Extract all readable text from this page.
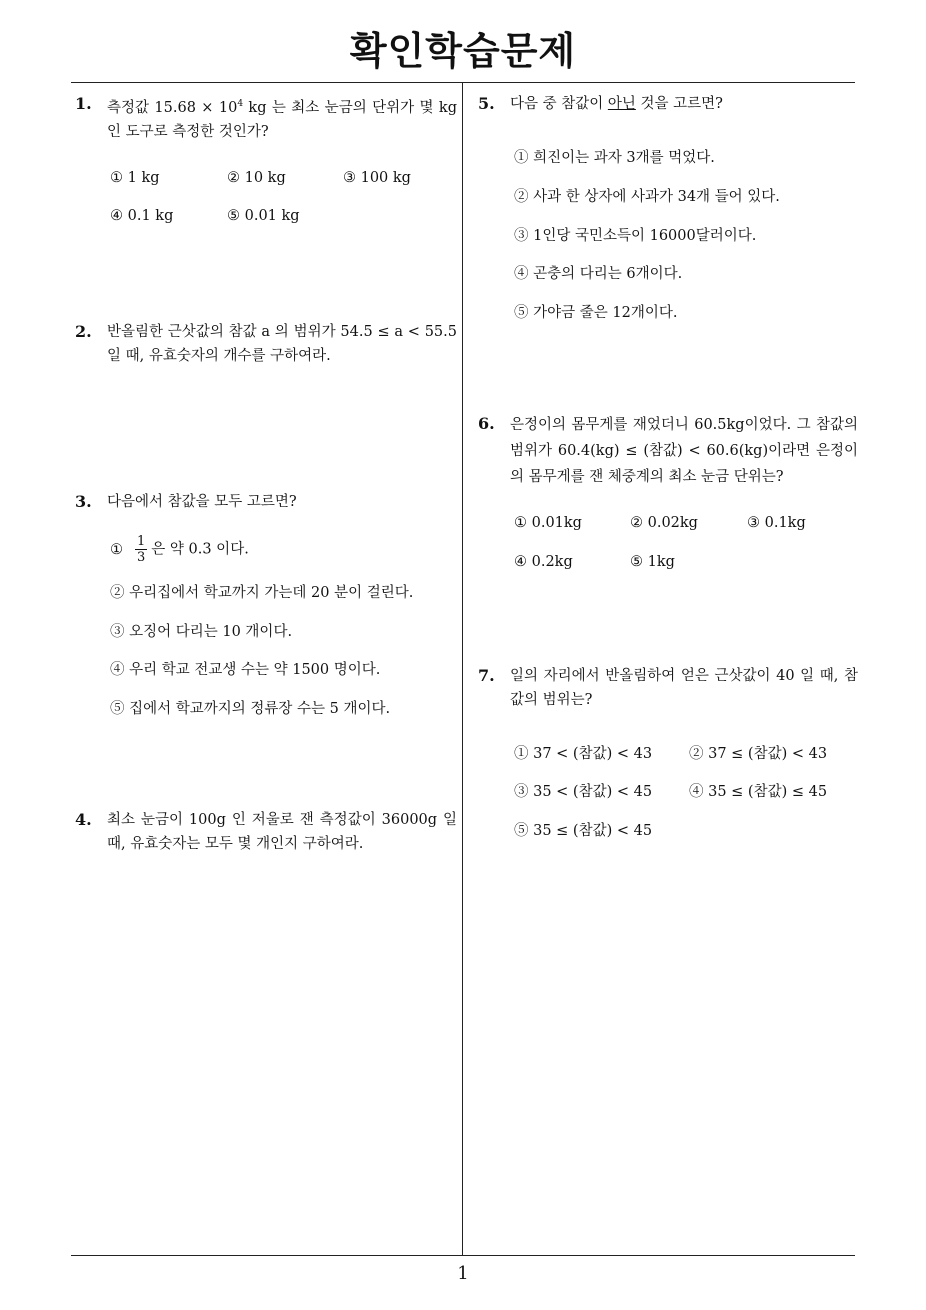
확인학습문제
1. 측정값 $15.68 \times 10^4$ kg 는 최소 눈금의 단위가 몇 kg 인 도구로 측정한 것인가?
① 1 kg	② 10 kg	③ 100 kg
④ 0.1 kg	⑤ 0.01 kg
2. 반올림한 근삿값의 참값 a 의 범위가 54.5 ≤ a < 55.5 일 때, 유효숫자의 개수를 구하여라.
3. 다음에서 참값을 모두 고르면?
① $\frac{1}{3}$ 은 약 0.3 이다.
② 우리집에서 학교까지 가는데 20 분이 걸린다.
③ 오징어 다리는 10 개이다.
④ 우리 학교 전교생 수는 약 1500 명이다.
⑤ 집에서 학교까지의 정류장 수는 5 개이다.
4. 최소 눈금이 100g 인 저울로 잰 측정값이 36000g 일 때, 유효숫자는 모두 몇 개인지 구하여라.
5. 다음 중 참값이 아닌 것을 고르면?
① 희진이는 과자 3개를 먹었다.
② 사과 한 상자에 사과가 34개 들어 있다.
③ 1인당 국민소득이 16000달러이다.
④ 곤충의 다리는 6개이다.
⑤ 가야금 줄은 12개이다.
6. 은정이의 몸무게를 재었더니 60.5kg이었다. 그 참값의 범위가 60.4(kg) ≤ (참값) < 60.6(kg)이라면 은정이의 몸무게를 잰 체중계의 최소 눈금 단위는?
① 0.01kg	② 0.02kg	③ 0.1kg
④ 0.2kg	⑤ 1kg
7. 일의 자리에서 반올림하여 얻은 근삿값이 40 일 때, 참값의 범위는?
① 37 < (참값) < 43	② 37 ≤ (참값) < 43
③ 35 < (참값) < 45	④ 35 ≤ (참값) ≤ 45
⑤ 35 ≤ (참값) < 45
1
